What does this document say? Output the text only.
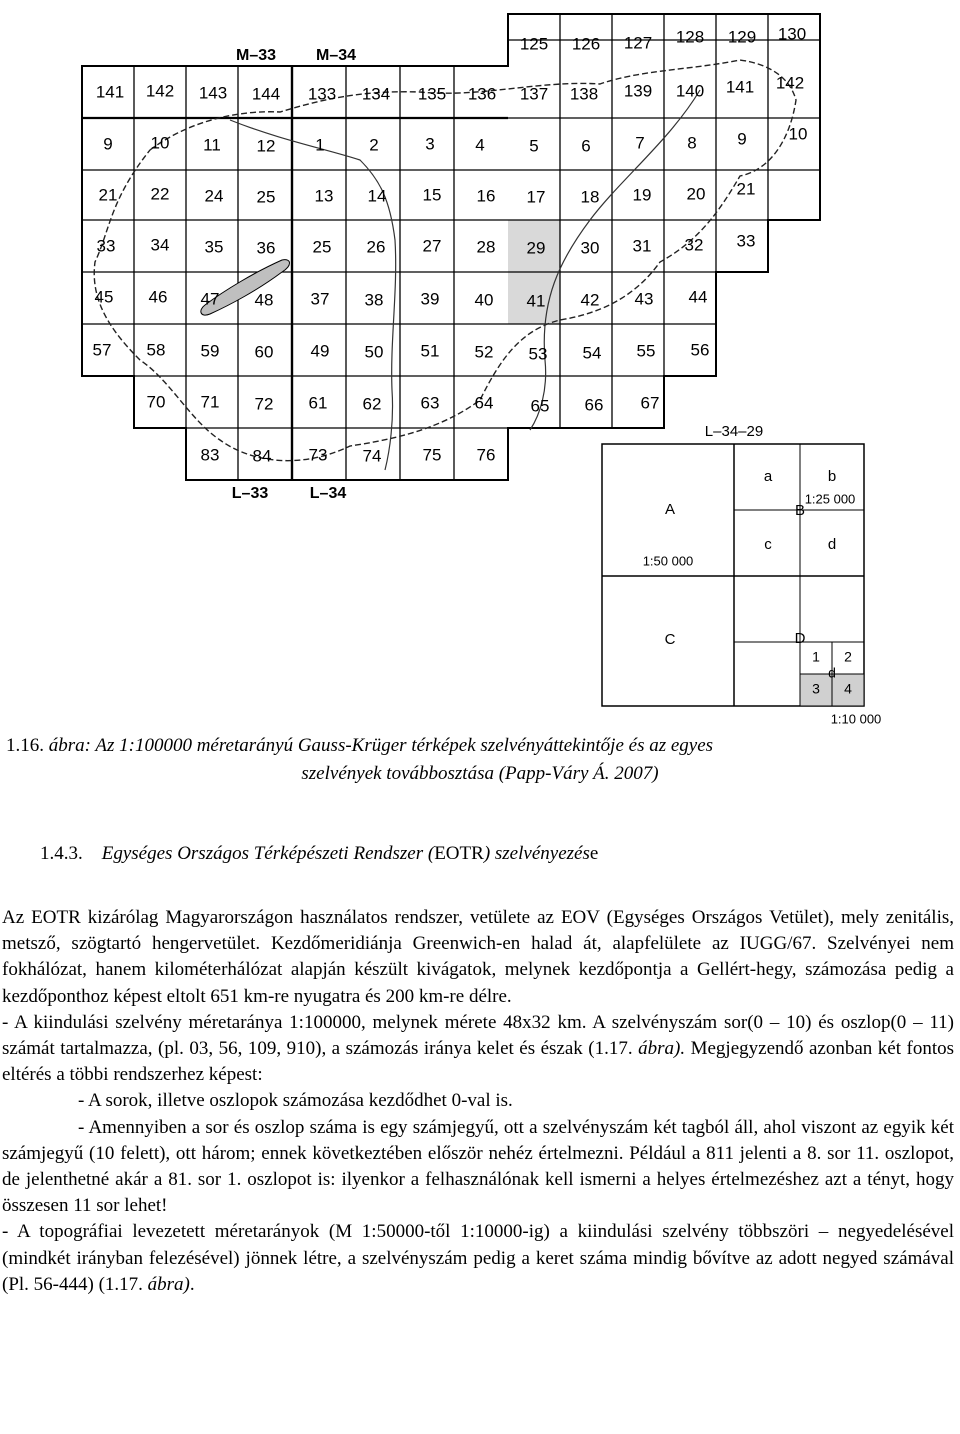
M–33 M–34
L–33	L–34
125 126 127 128 129 130
141 142 143 144 133 134 135 136 137 138 139 140 141 142
9 10 11 12 1	2	3 4	5	6	7	8 9 10
21 22 24 25 13 14 15 16 17 18 19 20 21
33 34 35 36 25 26 27 28 29 30 31 32 33
45 46 47 48 37 38 39 40 41 42 43 44
57 58 59 60 49 50 51 52 53 54 55 56
70 71 72 61 62 63 64 65 66 67
83 84 73 74 75 76
L–34–29
A
1:50 000
a	b
1:25 000
B
c	d
C	D
1 2
d
3 4
1:10 000
1.16. ábra: Az 1:100000 méretarányú Gauss-Krüger térképek szelvényáttekintője és az egyes
szelvények továbbosztása (Papp-Váry Á. 2007)
1.4.3. Egységes Országos Térképészeti Rendszer (EOTR) szelvényezése

Az EOTR kizárólag Magyarországon használatos rendszer, vetülete az EOV (Egységes Országos Vetület), mely zenitális, metsző, szögtartó hengervetület. Kezdőmeridiánja Greenwich-en halad át, alapfelülete az IUGG/67. Szelvényei nem fokhálózat, hanem kilométerhálózat alapján készült kivágatok, melynek kezdőpontja a Gellért-hegy, számozása pedig a kezdőponthoz képest eltolt 651 km-re nyugatra és 200 km-re délre.

- A kiindulási szelvény méretaránya 1:100000, melynek mérete 48x32 km. A szelvényszám sor(0 – 10) és oszlop(0 – 11) számát tartalmazza, (pl. 03, 56, 109, 910), a számozás iránya kelet és észak (1.17. ábra). Megjegyzendő azonban két fontos eltérés a többi rendszerhez képest:

- A sorok, illetve oszlopok számozása kezdődhet 0-val is.

- Amennyiben a sor és oszlop száma is egy számjegyű, ott a szelvényszám két tagból áll, ahol viszont az egyik két számjegyű (10 felett), ott három; ennek következtében először nehéz értelmezni. Például a 811 jelenti a 8. sor 11. oszlopot, de jelenthetné akár a 81. sor 1. oszlopot is: ilyenkor a felhasználónak kell ismerni a helyes értelmezéshez azt a tényt, hogy összesen 11 sor lehet!

- A topográfiai levezetett méretarányok (M 1:50000-től 1:10000-ig) a kiindulási szelvény többszöri – negyedelésével (mindkét irányban felezésével) jönnek létre, a szelvényszám pedig a keret száma mindig bővítve az adott negyed számával (Pl. 56-444) (1.17. ábra).
